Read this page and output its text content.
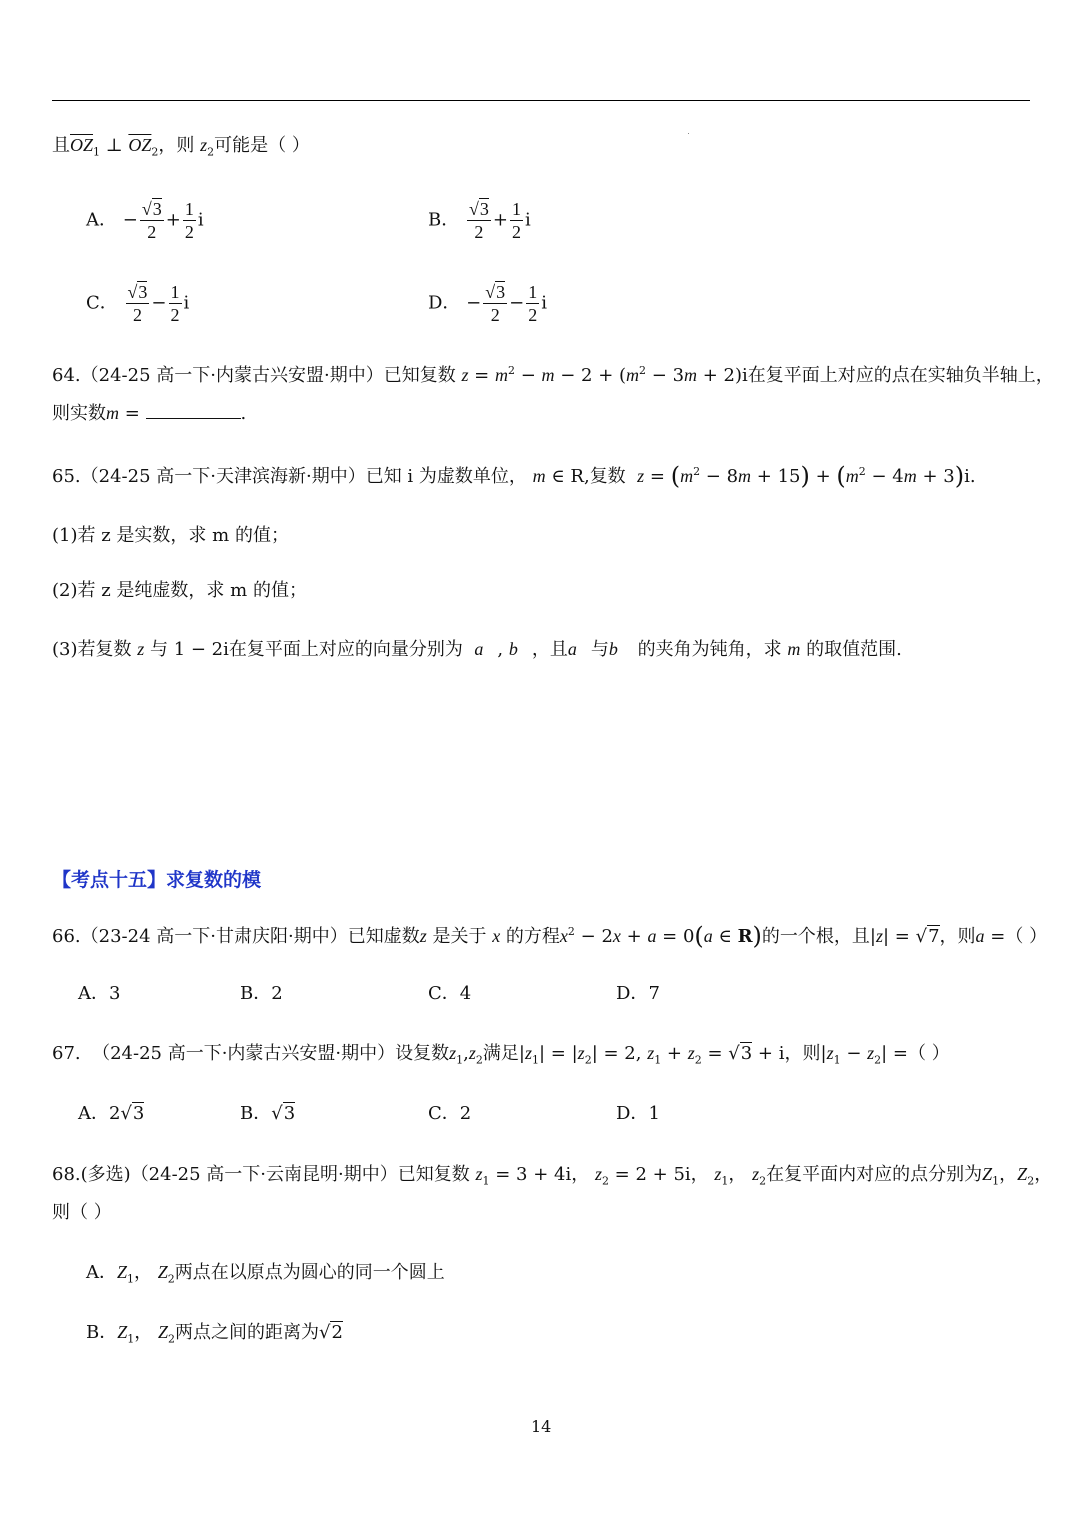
且$\overline{OZ}_1$ ⊥ $\overline{OZ}_2$，则 $z_2$可能是（ ）
A． − $\frac{√3}{2} + \frac{1}{2}$ i	B． $\frac{√3}{2} + \frac{1}{2}$ i
C． $\frac{√3}{2} - \frac{1}{2}$ i	D． − $\frac{√3}{2} - \frac{1}{2}$ i
64.（24-25 高一下·内蒙古兴安盟·期中）已知复数 $z = m^2 - m - 2 + (m^2 - 3m + 2)i$在复平面上对应的点在实轴负半轴上，
则实数m =	.
65.（24-25 高一下·天津滨海新·期中）已知 i 为虚数单位， m ∈ R,复数 $z = (m^2 - 8m + 15) + (m^2 - 4m + 3)i$.
(1)若 z 是实数，求 m 的值；
(2)若 z 是纯虚数，求 m 的值；
(3)若复数 z 与 1 − 2i在复平面上对应的向量分别为 a⃗, b⃗，且a⃗与b⃗ 的夹角为钝角，求 m 的取值范围.
【考点十五】求复数的模
66.（23-24 高一下·甘肃庆阳·期中）已知虚数z 是关于 x 的方程$x^2 - 2x + a = 0(a$ ∈ R)的一个根，且|z| = √7，则a =（ ）
A．3	B．2	C．4	D．7
67. （24-25 高一下·内蒙古兴安盟·期中）设复数$z_1,z_2$满足$|z_1| = |z_2| = 2$, $z_1 + z_2 = √3 + i$，则$|z_1 - z_2|$ =（ ）
A．2√3	B．√3	C．2	D．1
68.(多选)（24-25 高一下·云南昆明·期中）已知复数 $z_1 = 3 + 4i$， $z_2 = 2 + 5i$， $z_1$， $z_2$在复平面内对应的点分别为$Z_1$，$Z_2$，
则（ ）
A．$Z_1$， $Z_2$两点在以原点为圆心的同一个圆上
B．$Z_1$， $Z_2$两点之间的距离为√2
14
